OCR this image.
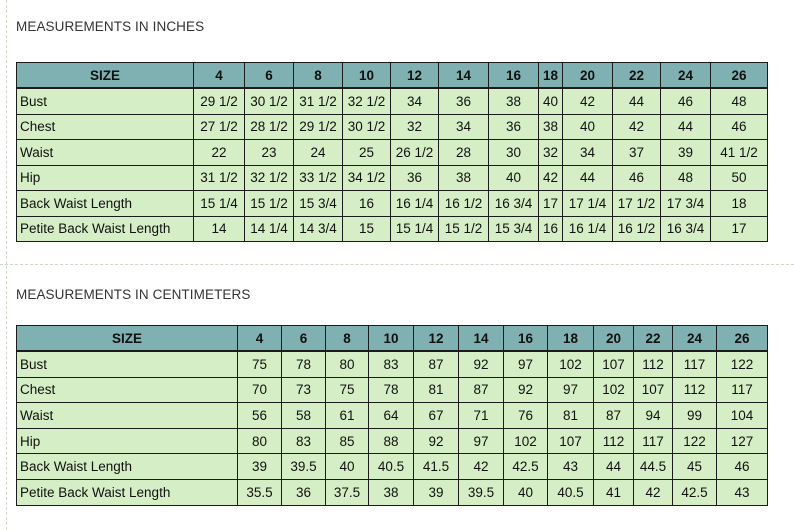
MEASUREMENTS IN INCHES
SIZE	4	6	8	10	12	14	16	18	20	22	24	26
Bust	29 1/2	30 1/2	31 1/2	32 1/2	34	36	38	40	42	44	46	48
Chest	27 1/2	28 1/2	29 1/2	30 1/2	32	34	36	38	40	42	44	46
Waist	22	23	24	25	26 1/2	28	30	32	34	37	39	41 1/2
Hip	31 1/2	32 1/2	33 1/2	34 1/2	36	38	40	42	44	46	48	50
Back Waist Length	15 1/4	15 1/2	15 3/4	16	16 1/4	16 1/2	16 3/4	17	17 1/4	17 1/2	17 3/4	18
Petite Back Waist Length	14	14 1/4	14 3/4	15	15 1/4	15 1/2	15 3/4	16	16 1/4	16 1/2	16 3/4	17
MEASUREMENTS IN CENTIMETERS
SIZE	4	6	8	10	12	14	16	18	20	22	24	26
Bust	75	78	80	83	87	92	97	102	107	112	117	122
Chest	70	73	75	78	81	87	92	97	102	107	112	117
Waist	56	58	61	64	67	71	76	81	87	94	99	104
Hip	80	83	85	88	92	97	102	107	112	117	122	127
Back Waist Length	39	39.5	40	40.5	41.5	42	42.5	43	44	44.5	45	46
Petite Back Waist Length	35.5	36	37.5	38	39	39.5	40	40.5	41	42	42.5	43
